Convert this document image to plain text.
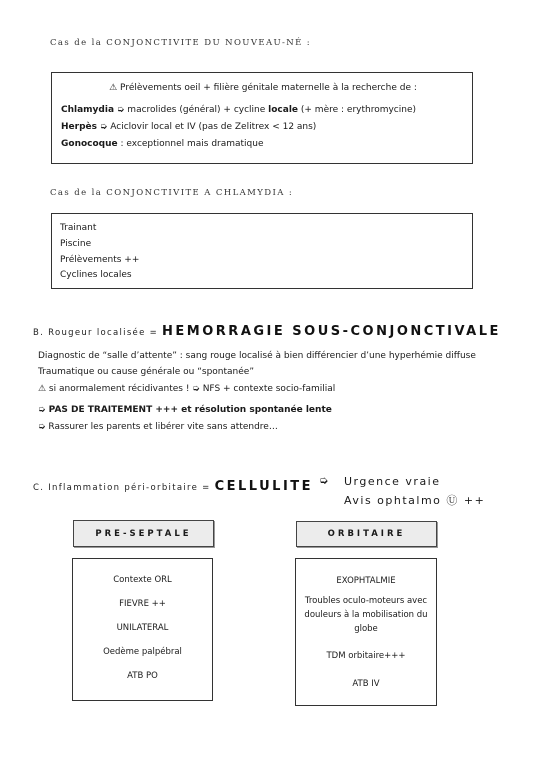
Cas de la CONJONCTIVITE DU NOUVEAU-NÉ :
⚠ Prélèvements oeil + filière génitale maternelle à la recherche de :
Chlamydia ➭ macrolides (général) + cycline locale (+ mère : erythromycine)
Herpès ➭ Aciclovir local et IV (pas de Zelitrex < 12 ans)
Gonocoque : exceptionnel mais dramatique
Cas de la CONJONCTIVITE A CHLAMYDIA :
Trainant
Piscine
Prélèvements ++
Cyclines locales
B. Rougeur localisée = HEMORRAGIE SOUS-CONJONCTIVALE
Diagnostic de “salle d’attente” : sang rouge localisé à bien différencier d’une hyperhémie diffuse
Traumatique ou cause générale ou “spontanée”
⚠ si anormalement récidivantes ! ➭ NFS + contexte socio-familial
➭ PAS DE TRAITEMENT +++ et résolution spontanée lente
➭ Rassurer les parents et libérer vite sans attendre…
C. Inflammation péri-orbitaire = CELLULITE ➭ Urgence vraie
Avis ophtalmo Ⓤ ++
PRE-SEPTALE
Contexte ORL
FIEVRE ++
UNILATERAL
Oedème palpébral
ATB PO
ORBITAIRE
EXOPHTALMIE
Troubles oculo-moteurs avec douleurs à la mobilisation du globe
TDM orbitaire+++
ATB IV
